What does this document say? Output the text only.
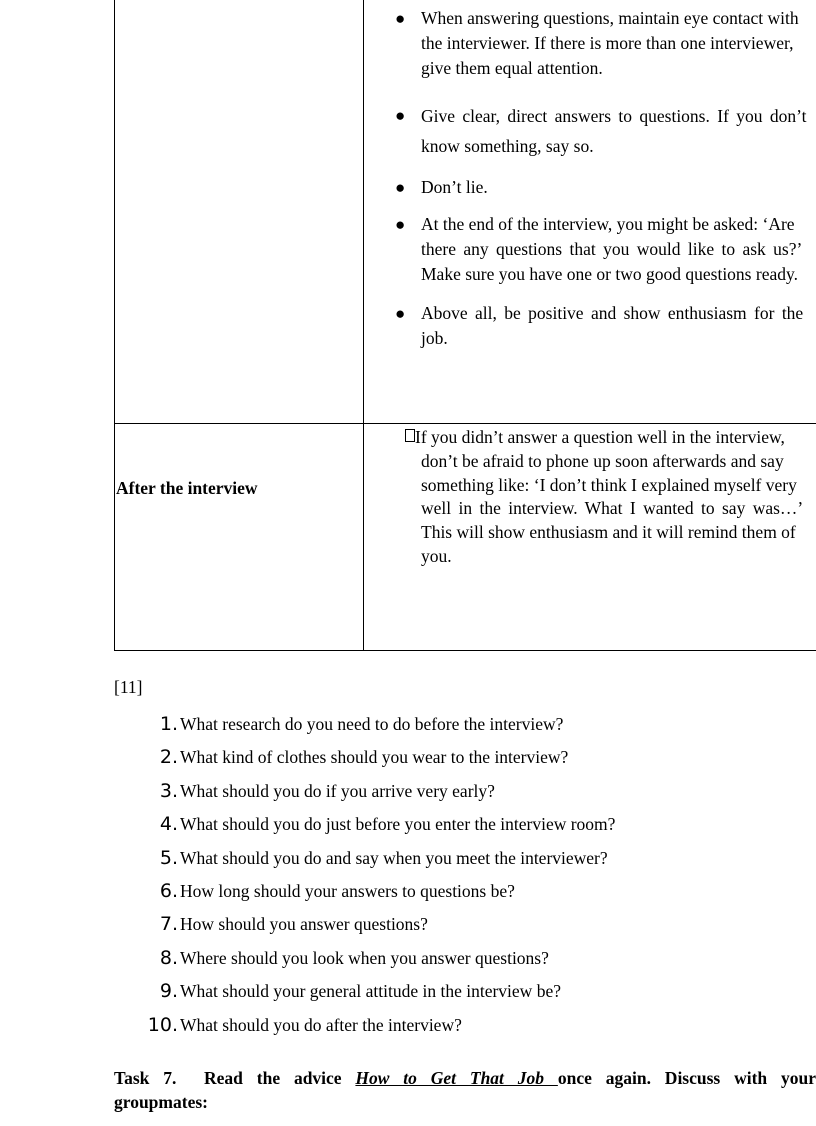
● When answering questions, maintain eye contact with
the interviewer. If there is more than one interviewer,
give them equal attention.
● Give clear, direct answers to questions. If you don’t
know something, say so.
● Don’t lie.
● At the end of the interview, you might be asked: ‘Are
there any questions that you would like to ask us?’
Make sure you have one or two good questions ready.
● Above all, be positive and show enthusiasm for the
job.
After the interview
If you didn’t answer a question well in the interview,
don’t be afraid to phone up soon afterwards and say
something like: ‘I don’t think I explained myself very
well in the interview. What I wanted to say was…’
This will show enthusiasm and it will remind them of
you.
[11]
1. What research do you need to do before the interview?
2. What kind of clothes should you wear to the interview?
3. What should you do if you arrive very early?
4. What should you do just before you enter the interview room?
5. What should you do and say when you meet the interviewer?
6. How long should your answers to questions be?
7. How should you answer questions?
8. Where should you look when you answer questions?
9. What should your general attitude in the interview be?
10. What should you do after the interview?
Task 7.  Read the advice How to Get That Job once again. Discuss with your
groupmates:
